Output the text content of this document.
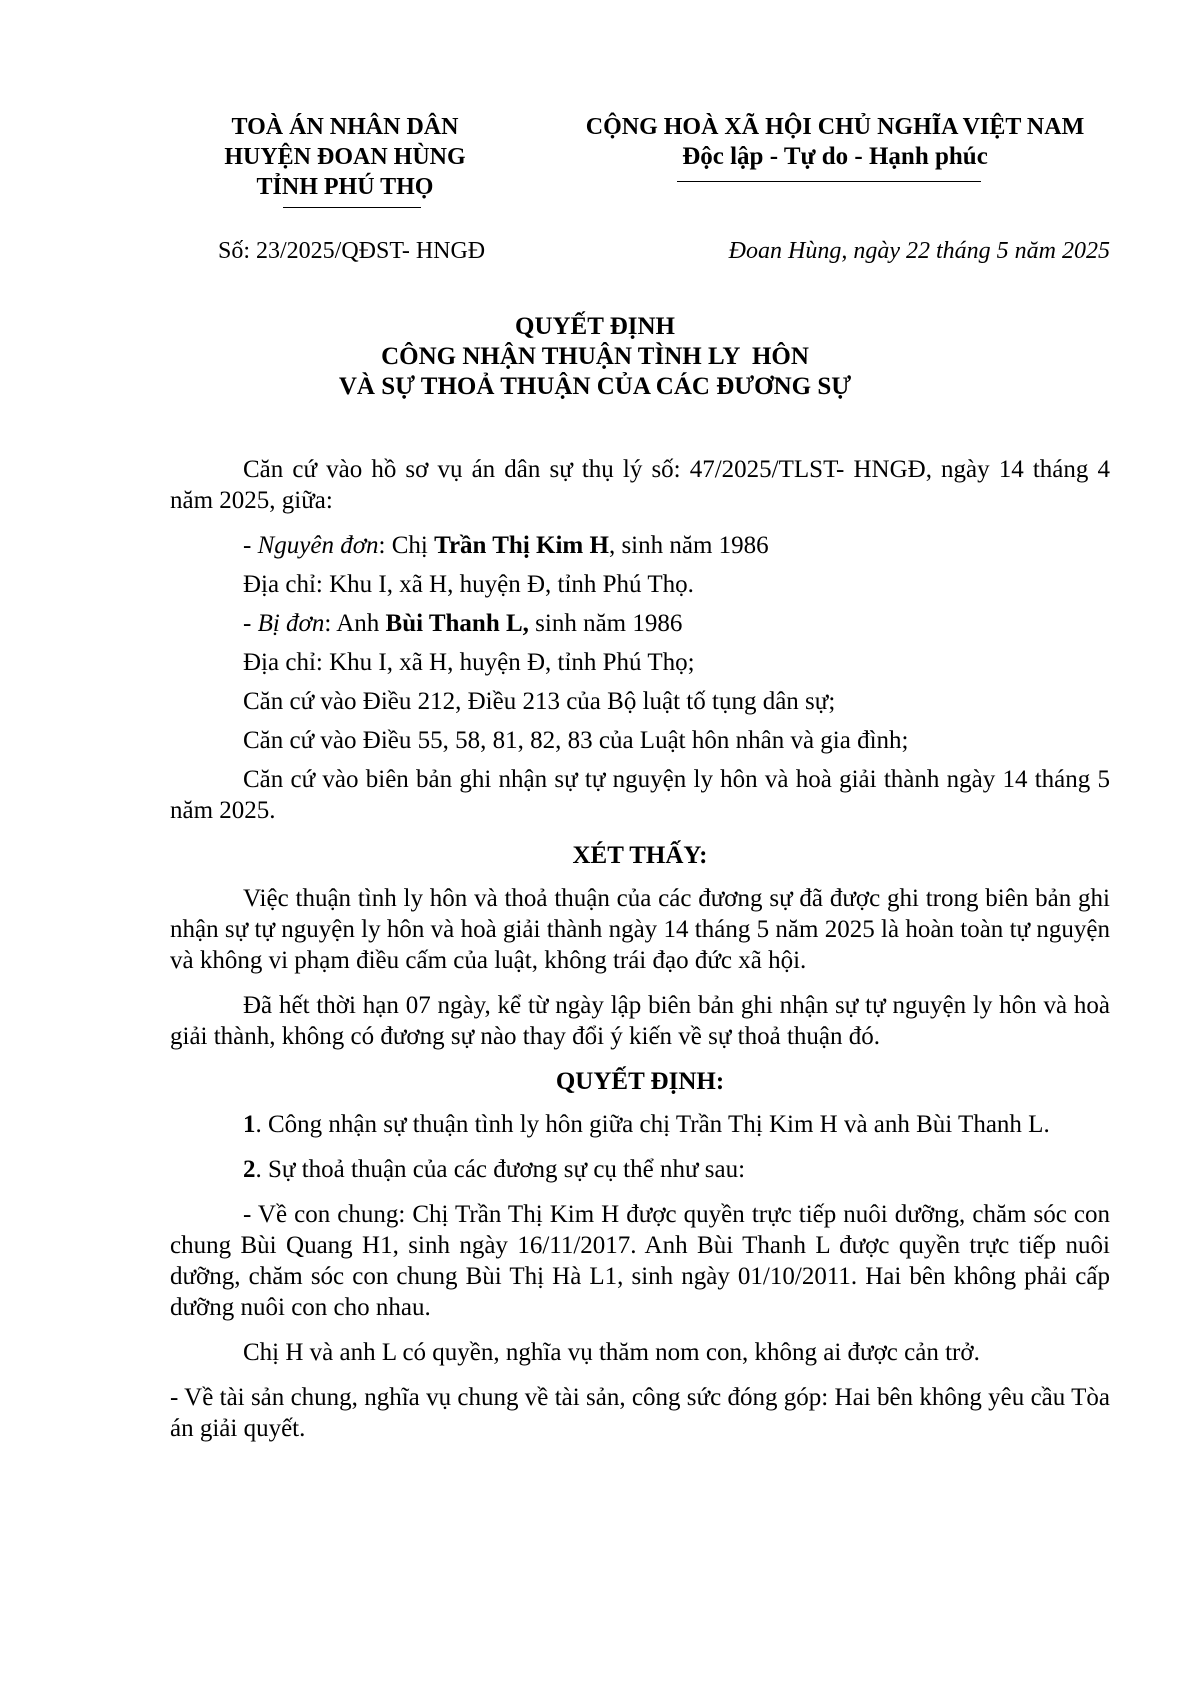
TOÀ ÁN NHÂN DÂN
HUYỆN ĐOAN HÙNG
TỈNH PHÚ THỌ
CỘNG HOÀ XÃ HỘI CHỦ NGHĨA VIỆT NAM
Độc lập - Tự do - Hạnh phúc
Số: 23/2025/QĐST- HNGĐ	Đoan Hùng, ngày 22 tháng 5 năm 2025
QUYẾT ĐỊNH
CÔNG NHẬN THUẬN TÌNH LY  HÔN
VÀ SỰ THOẢ THUẬN CỦA CÁC ĐƯƠNG SỰ

Căn cứ vào hồ sơ vụ án dân sự thụ lý số: 47/2025/TLST- HNGĐ, ngày 14 tháng 4 năm 2025, giữa:

- Nguyên đơn: Chị Trần Thị Kim H, sinh năm 1986

Địa chỉ: Khu I, xã H, huyện Đ, tỉnh Phú Thọ.

- Bị đơn: Anh Bùi Thanh L, sinh năm 1986

Địa chỉ: Khu I, xã H, huyện Đ, tỉnh Phú Thọ;

Căn cứ vào Điều 212, Điều 213 của Bộ luật tố tụng dân sự;

Căn cứ vào Điều 55, 58, 81, 82, 83 của Luật hôn nhân và gia đình;

Căn cứ vào biên bản ghi nhận sự tự nguyện ly hôn và hoà giải thành ngày 14 tháng 5 năm 2025.

XÉT THẤY:

Việc thuận tình ly hôn và thoả thuận của các đương sự đã được ghi trong biên bản ghi nhận sự tự nguyện ly hôn và hoà giải thành ngày 14 tháng 5 năm 2025 là hoàn toàn tự nguyện và không vi phạm điều cấm của luật, không trái đạo đức xã hội.

Đã hết thời hạn 07 ngày, kể từ ngày lập biên bản ghi nhận sự tự nguyện ly hôn và hoà giải thành, không có đương sự nào thay đổi ý kiến về sự thoả thuận đó.

QUYẾT ĐỊNH:

1. Công nhận sự thuận tình ly hôn giữa chị Trần Thị Kim H và anh Bùi Thanh L.

2. Sự thoả thuận của các đương sự cụ thể như sau:

- Về con chung: Chị Trần Thị Kim H được quyền trực tiếp nuôi dưỡng, chăm sóc con chung Bùi Quang H1, sinh ngày 16/11/2017. Anh Bùi Thanh L được quyền trực tiếp nuôi dưỡng, chăm sóc con chung Bùi Thị Hà L1, sinh ngày 01/10/2011. Hai bên không phải cấp dưỡng nuôi con cho nhau.

Chị H và anh L có quyền, nghĩa vụ thăm nom con, không ai được cản trở.

- Về tài sản chung, nghĩa vụ chung về tài sản, công sức đóng góp: Hai bên không yêu cầu Tòa án giải quyết.
